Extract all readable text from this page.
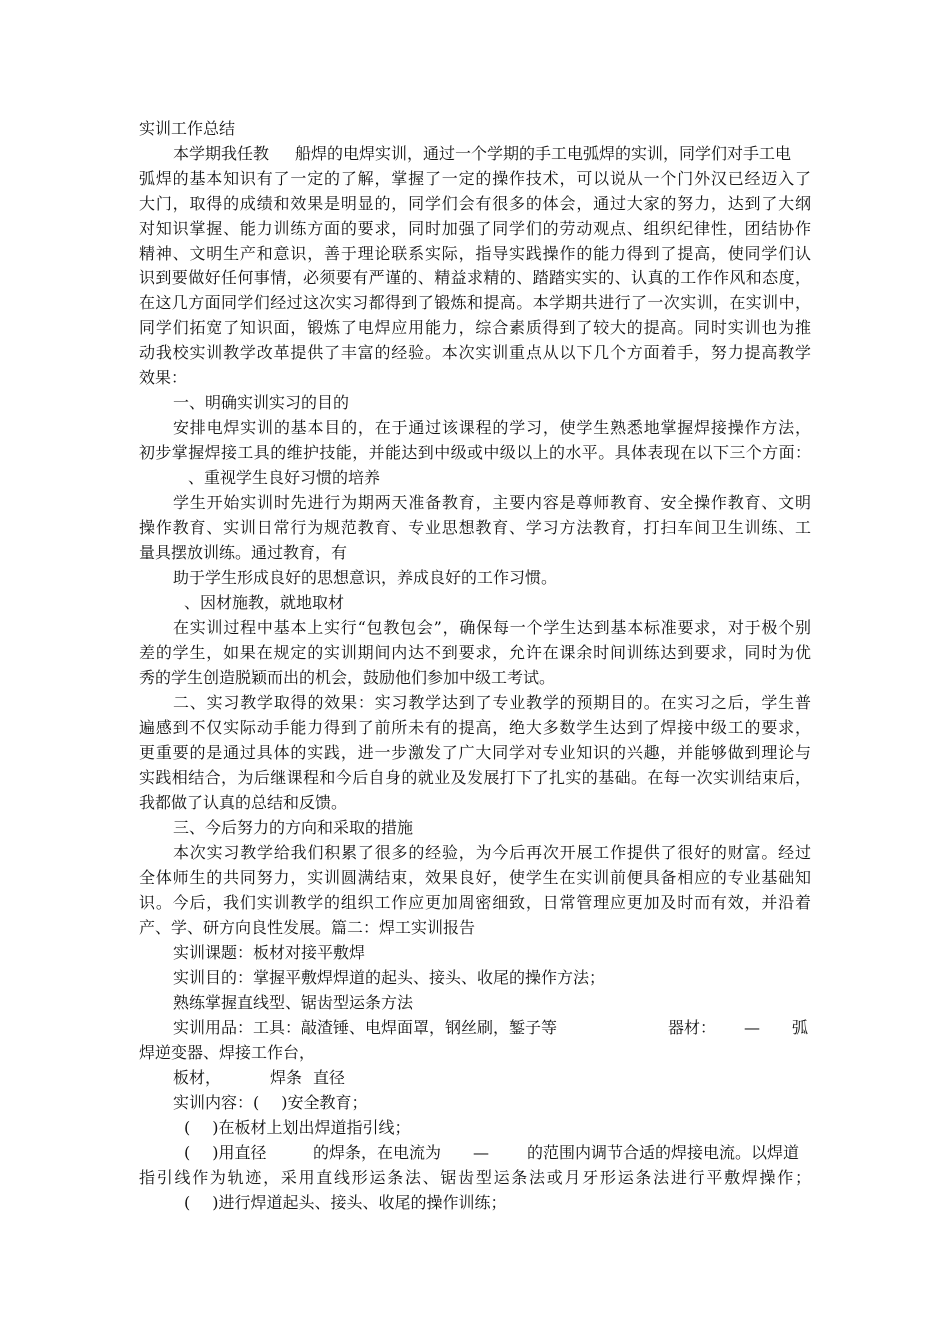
实训工作总结
本学期我任教 船焊的电焊实训，通过一个学期的手工电弧焊的实训，同学们对手工电
弧焊的基本知识有了一定的了解，掌握了一定的操作技术，可以说从一个门外汉已经迈入了
大门，取得的成绩和效果是明显的，同学们会有很多的体会，通过大家的努力，达到了大纲
对知识掌握、能力训练方面的要求，同时加强了同学们的劳动观点、组织纪律性，团结协作
精神、文明生产和意识，善于理论联系实际，指导实践操作的能力得到了提高，使同学们认
识到要做好任何事情，必须要有严谨的、精益求精的、踏踏实实的、认真的工作作风和态度，
在这几方面同学们经过这次实习都得到了锻炼和提高。本学期共进行了一次实训，在实训中，
同学们拓宽了知识面，锻炼了电焊应用能力，综合素质得到了较大的提高。同时实训也为推
动我校实训教学改革提供了丰富的经验。本次实训重点从以下几个方面着手，努力提高教学
效果：
一、明确实训实习的目的
安排电焊实训的基本目的，在于通过该课程的学习，使学生熟悉地掌握焊接操作方法，
初步掌握焊接工具的维护技能，并能达到中级或中级以上的水平。具体表现在以下三个方面：
、重视学生良好习惯的培养
学生开始实训时先进行为期两天准备教育，主要内容是尊师教育、安全操作教育、文明
操作教育、实训日常行为规范教育、专业思想教育、学习方法教育，打扫车间卫生训练、工
量具摆放训练。通过教育，有
助于学生形成良好的思想意识，养成良好的工作习惯。
、因材施教，就地取材
在实训过程中基本上实行“包教包会”，确保每一个学生达到基本标准要求，对于极个别
差的学生，如果在规定的实训期间内达不到要求，允许在课余时间训练达到要求，同时为优
秀的学生创造脱颖而出的机会，鼓励他们参加中级工考试。
二、实习教学取得的效果：实习教学达到了专业教学的预期目的。在实习之后，学生普
遍感到不仅实际动手能力得到了前所未有的提高，绝大多数学生达到了焊接中级工的要求，
更重要的是通过具体的实践，进一步激发了广大同学对专业知识的兴趣，并能够做到理论与
实践相结合，为后继课程和今后自身的就业及发展打下了扎实的基础。在每一次实训结束后，
我都做了认真的总结和反馈。
三、今后努力的方向和采取的措施
本次实习教学给我们积累了很多的经验，为今后再次开展工作提供了很好的财富。经过
全体师生的共同努力，实训圆满结束，效果良好，使学生在实训前便具备相应的专业基础知
识。今后，我们实训教学的组织工作应更加周密细致，日常管理应更加及时而有效，并沿着
产、学、研方向良性发展。篇二：焊工实训报告
实训课题：板材对接平敷焊
实训目的：掌握平敷焊焊道的起头、接头、收尾的操作方法；
熟练掌握直线型、锯齿型运条方法
实训用品：工具：敲渣锤、电焊面罩，钢丝刷，錾子等	器材： — 弧
焊逆变器、焊接工作台，
板材，	焊条 直径
实训内容：( )安全教育；
( )在板材上划出焊道指引线；
( )用直径	的焊条，在电流为 — 的范围内调节合适的焊接电流。以焊道
指引线作为轨迹，采用直线形运条法、锯齿型运条法或月牙形运条法进行平敷焊操作；
( )进行焊道起头、接头、收尾的操作训练；
